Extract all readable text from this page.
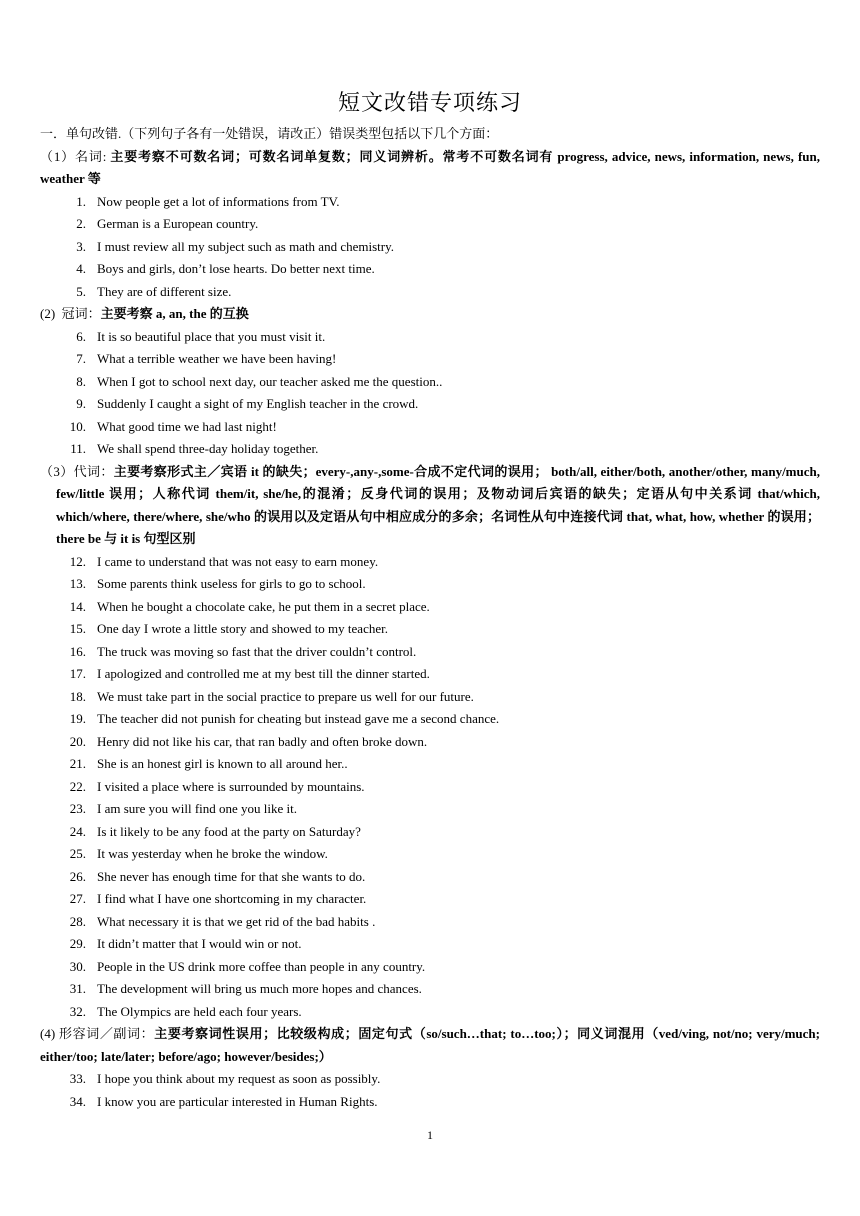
短文改错专项练习
一．单句改错.（下列句子各有一处错误，请改正）错误类型包括以下几个方面：
（1）名词: 主要考察不可数名词；可数名词单复数；同义词辨析。常考不可数名词有 progress, advice, news, information, news, fun, weather 等
1. Now people get a lot of informations from TV.
2. German is a European country.
3. I must review all my subject such as math and chemistry.
4. Boys and girls, don’t lose hearts. Do better next time.
5. They are of different size.
(2)  冠词：主要考察 a, an, the 的互换
6. It is so beautiful place that you must visit it.
7. What a terrible weather we have been having!
8. When I got to school next day, our teacher asked me the question..
9. Suddenly I caught a sight of my English teacher in the crowd.
10. What good time we had last night!
11. We shall spend three-day holiday together.
（3）代词：主要考察形式主／宾语 it 的缺失；every-,any-,some-合成不定代词的误用； both/all, either/both, another/other, many/much, few/little 误用；人称代词 them/it, she/he,的混淆；反身代词的误用；及物动词后宾语的缺失；定语从句中关系词 that/which, which/where, there/where, she/who 的误用以及定语从句中相应成分的多余；名词性从句中连接代词 that, what, how, whether 的误用；there be 与 it is 句型区别
12. I came to understand that was not easy to earn money.
13. Some parents think useless for girls to go to school.
14. When he bought a chocolate cake, he put them in a secret place.
15. One day I wrote a little story and showed to my teacher.
16. The truck was moving so fast that the driver couldn’t control.
17. I apologized and controlled me at my best till the dinner started.
18. We must take part in the social practice to prepare us well for our future.
19. The teacher did not punish for cheating but instead gave me a second chance.
20. Henry did not like his car, that ran badly and often broke down.
21. She is an honest girl is known to all around her..
22. I visited a place where is surrounded by mountains.
23. I am sure you will find one you like it.
24. Is it likely to be any food at the party on Saturday?
25. It was yesterday when he broke the window.
26. She never has enough time for that she wants to do.
27. I find what I have one shortcoming in my character.
28. What necessary it is that we get rid of the bad habits .
29. It didn’t matter that I would win or not.
30. People in the US drink more coffee than people in any country.
31. The development will bring us much more hopes and chances.
32. The Olympics are held each four years.
(4) 形容词／副词：主要考察词性误用；比较级构成；固定句式（so/such…that; to…too;）；同义词混用（ved/ving, not/no; very/much; either/too; late/later; before/ago; however/besides;）
33. I hope you think about my request as soon as possibly.
34. I know you are particular interested in Human Rights.
1
